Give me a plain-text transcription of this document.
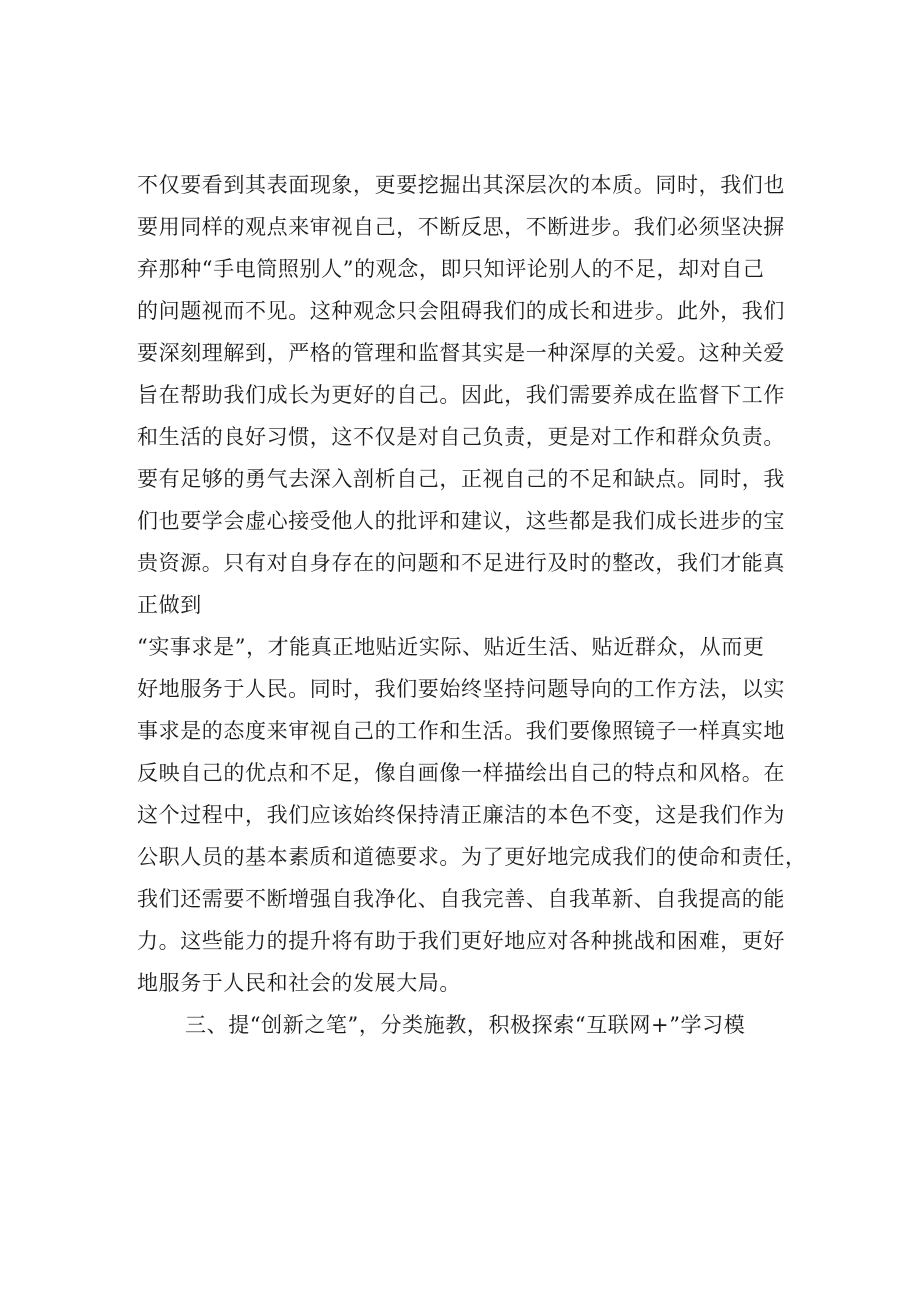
不仅要看到其表面现象，更要挖掘出其深层次的本质。同时，我们也
要用同样的观点来审视自己，不断反思，不断进步。我们必须坚决摒
弃那种“手电筒照别人”的观念，即只知评论别人的不足，却对自己
的问题视而不见。这种观念只会阻碍我们的成长和进步。此外，我们
要深刻理解到，严格的管理和监督其实是一种深厚的关爱。这种关爱
旨在帮助我们成长为更好的自己。因此，我们需要养成在监督下工作
和生活的良好习惯，这不仅是对自己负责，更是对工作和群众负责。
要有足够的勇气去深入剖析自己，正视自己的不足和缺点。同时，我
们也要学会虚心接受他人的批评和建议，这些都是我们成长进步的宝
贵资源。只有对自身存在的问题和不足进行及时的整改，我们才能真
正做到
“实事求是”，才能真正地贴近实际、贴近生活、贴近群众，从而更
好地服务于人民。同时，我们要始终坚持问题导向的工作方法，以实
事求是的态度来审视自己的工作和生活。我们要像照镜子一样真实地
反映自己的优点和不足，像自画像一样描绘出自己的特点和风格。在
这个过程中，我们应该始终保持清正廉洁的本色不变，这是我们作为
公职人员的基本素质和道德要求。为了更好地完成我们的使命和责任，
我们还需要不断增强自我净化、自我完善、自我革新、自我提高的能
力。这些能力的提升将有助于我们更好地应对各种挑战和困难，更好
地服务于人民和社会的发展大局。
三、提“创新之笔”，分类施教，积极探索“互联网+”学习模
